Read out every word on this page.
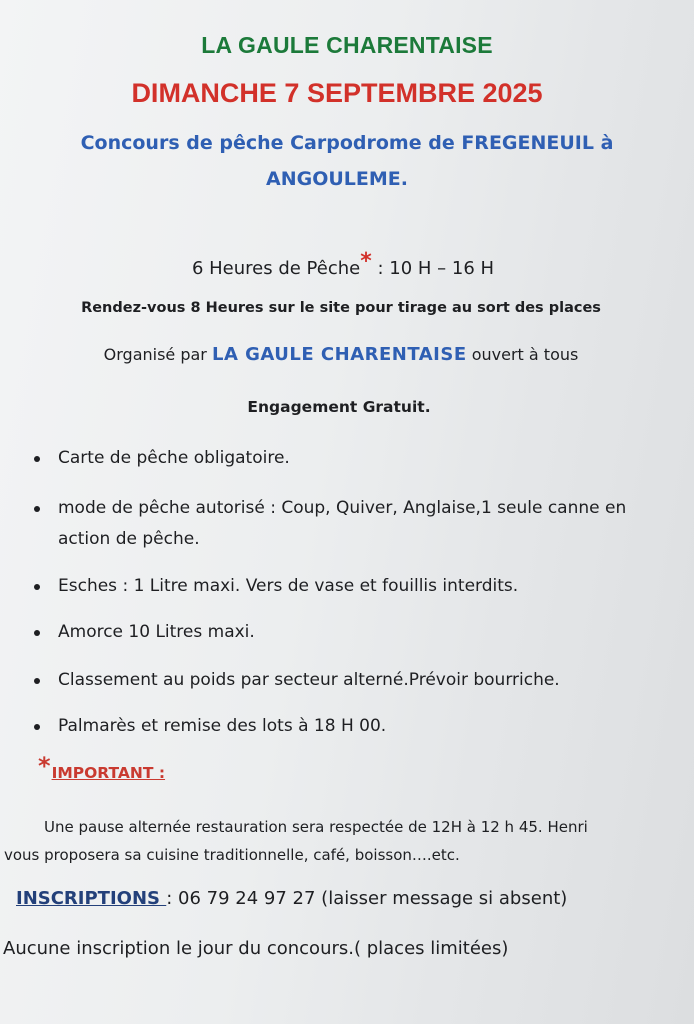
LA GAULE CHARENTAISE
DIMANCHE 7 SEPTEMBRE 2025
Concours de pêche Carpodrome de FREGENEUIL à
ANGOULEME.
6 Heures de Pêche* : 10 H – 16 H
Rendez-vous 8 Heures sur le site pour tirage au sort des places
Organisé par LA GAULE CHARENTAISE ouvert à tous
Engagement Gratuit.
Carte de pêche obligatoire.
mode de pêche autorisé : Coup, Quiver, Anglaise,1 seule canne en action de pêche.
Esches : 1 Litre maxi. Vers de vase et fouillis interdits.
Amorce 10 Litres maxi.
Classement au poids par secteur alterné.Prévoir bourriche.
Palmarès et remise des lots à 18 H 00.
*IMPORTANT :
Une pause alternée restauration sera respectée de 12H à 12 h 45. Henri
vous proposera sa cuisine traditionnelle, café, boisson….etc.
INSCRIPTIONS : 06 79 24 97 27 (laisser message si absent)
Aucune inscription le jour du concours.( places limitées)
